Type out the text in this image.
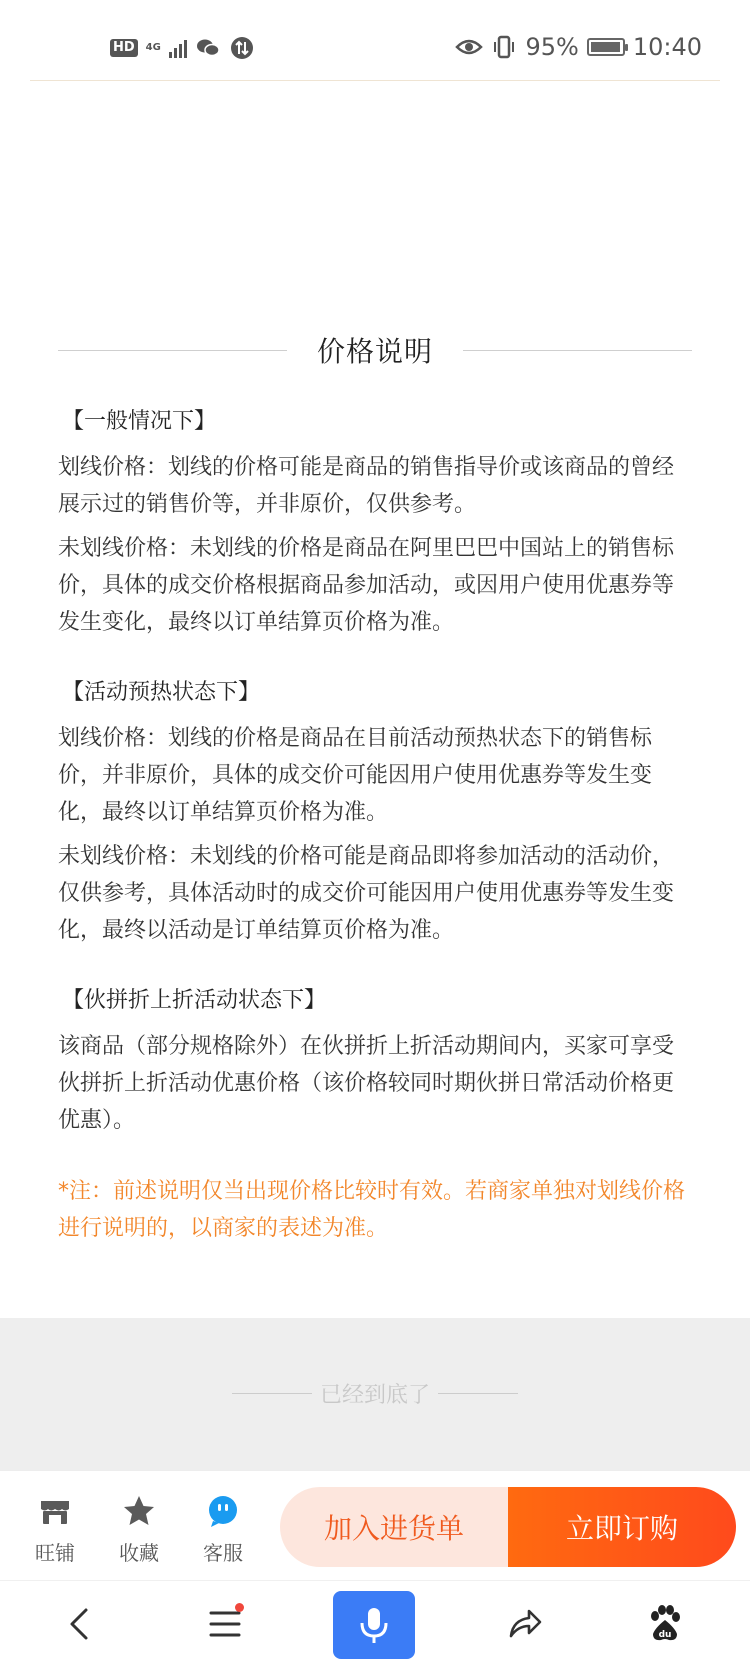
HD	4G	95% 10:40
价格说明
【一般情况下】
划线价格：划线的价格可能是商品的销售指导价或该商品的曾经展示过的销售价等，并非原价，仅供参考。
未划线价格：未划线的价格是商品在阿里巴巴中国站上的销售标价，具体的成交价格根据商品参加活动，或因用户使用优惠券等发生变化，最终以订单结算页价格为准。
【活动预热状态下】
划线价格：划线的价格是商品在目前活动预热状态下的销售标价，并非原价，具体的成交价可能因用户使用优惠券等发生变化，最终以订单结算页价格为准。
未划线价格：未划线的价格可能是商品即将参加活动的活动价，仅供参考，具体活动时的成交价可能因用户使用优惠券等发生变化，最终以活动是订单结算页价格为准。
【伙拼折上折活动状态下】
该商品（部分规格除外）在伙拼折上折活动期间内，买家可享受伙拼折上折活动优惠价格（该价格较同时期伙拼日常活动价格更优惠）。
*注：前述说明仅当出现价格比较时有效。若商家单独对划线价格进行说明的，以商家的表述为准。
已经到底了
旺铺 收藏 客服
加入进货单	立即订购
du
